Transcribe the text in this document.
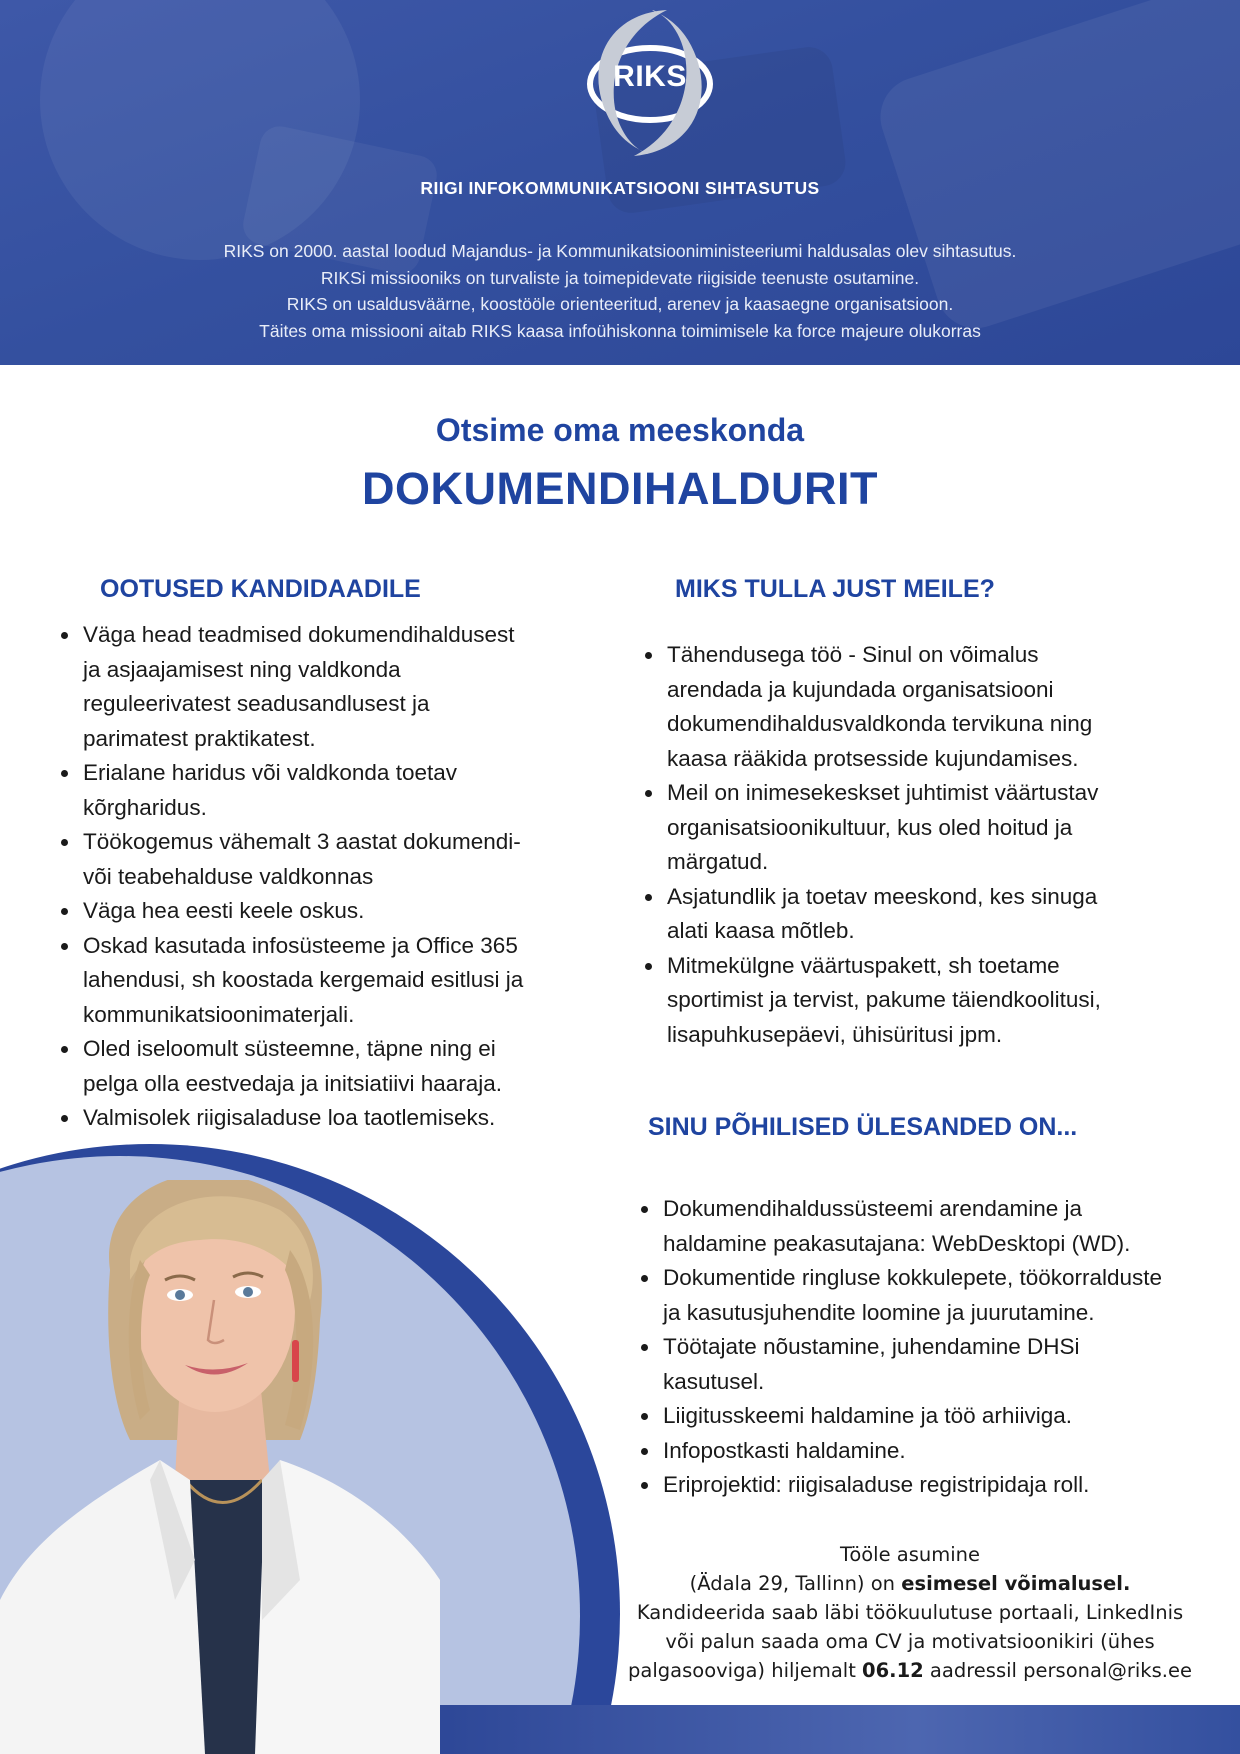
RIKS
RIIGI INFOKOMMUNIKATSIOONI SIHTASUTUS
RIKS on 2000. aastal loodud Majandus- ja Kommunikatsiooniministeeriumi haldusalas olev sihtasutus.
RIKSi missiooniks on turvaliste ja toimepidevate riigiside teenuste osutamine.
RIKS on usaldusväärne, koostööle orienteeritud, arenev ja kaasaegne organisatsioon.
Täites oma missiooni aitab RIKS kaasa infoühiskonna toimimisele ka force majeure olukorras
Otsime oma meeskonda
DOKUMENDIHALDURIT
OOTUSED KANDIDAADILE
Väga head teadmised dokumendihaldusest
ja asjaajamisest ning valdkonda
reguleerivatest seadusandlusest ja
parimatest praktikatest.
Erialane haridus või valdkonda toetav
kõrgharidus.
Töökogemus vähemalt 3 aastat dokumendi-
või teabehalduse valdkonnas
Väga hea eesti keele oskus.
Oskad kasutada infosüsteeme ja Office 365
lahendusi, sh koostada kergemaid esitlusi ja
kommunikatsioonimaterjali.
Oled iseloomult süsteemne, täpne ning ei
pelga olla eestvedaja ja initsiatiivi haaraja.
Valmisolek riigisaladuse loa taotlemiseks.
MIKS TULLA JUST MEILE?
Tähendusega töö - Sinul on võimalus
arendada ja kujundada organisatsiooni
dokumendihaldusvaldkonda tervikuna ning
kaasa rääkida protsesside kujundamises.
Meil on inimesekeskset juhtimist väärtustav
organisatsioonikultuur, kus oled hoitud ja
märgatud.
Asjatundlik ja toetav meeskond, kes sinuga
alati kaasa mõtleb.
Mitmekülgne väärtuspakett, sh toetame
sportimist ja tervist, pakume täiendkoolitusi,
lisapuhkusepäevi, ühisüritusi jpm.
SINU PÕHILISED ÜLESANDED ON...
Dokumendihaldussüsteemi arendamine ja
haldamine peakasutajana: WebDesktopi (WD).
Dokumentide ringluse kokkulepete, töökorralduste
ja kasutusjuhendite loomine ja juurutamine.
Töötajate nõustamine, juhendamine DHSi
kasutusel.
Liigitusskeemi haldamine ja töö arhiiviga.
Infopostkasti haldamine.
Eriprojektid: riigisaladuse registripidaja roll.
Tööle asumine
(Ädala 29, Tallinn) on esimesel võimalusel.
Kandideerida saab läbi töökuulutuse portaali, LinkedInis
või palun saada oma CV ja motivatsioonikiri (ühes
palgasooviga) hiljemalt 06.12 aadressil personal@riks.ee
